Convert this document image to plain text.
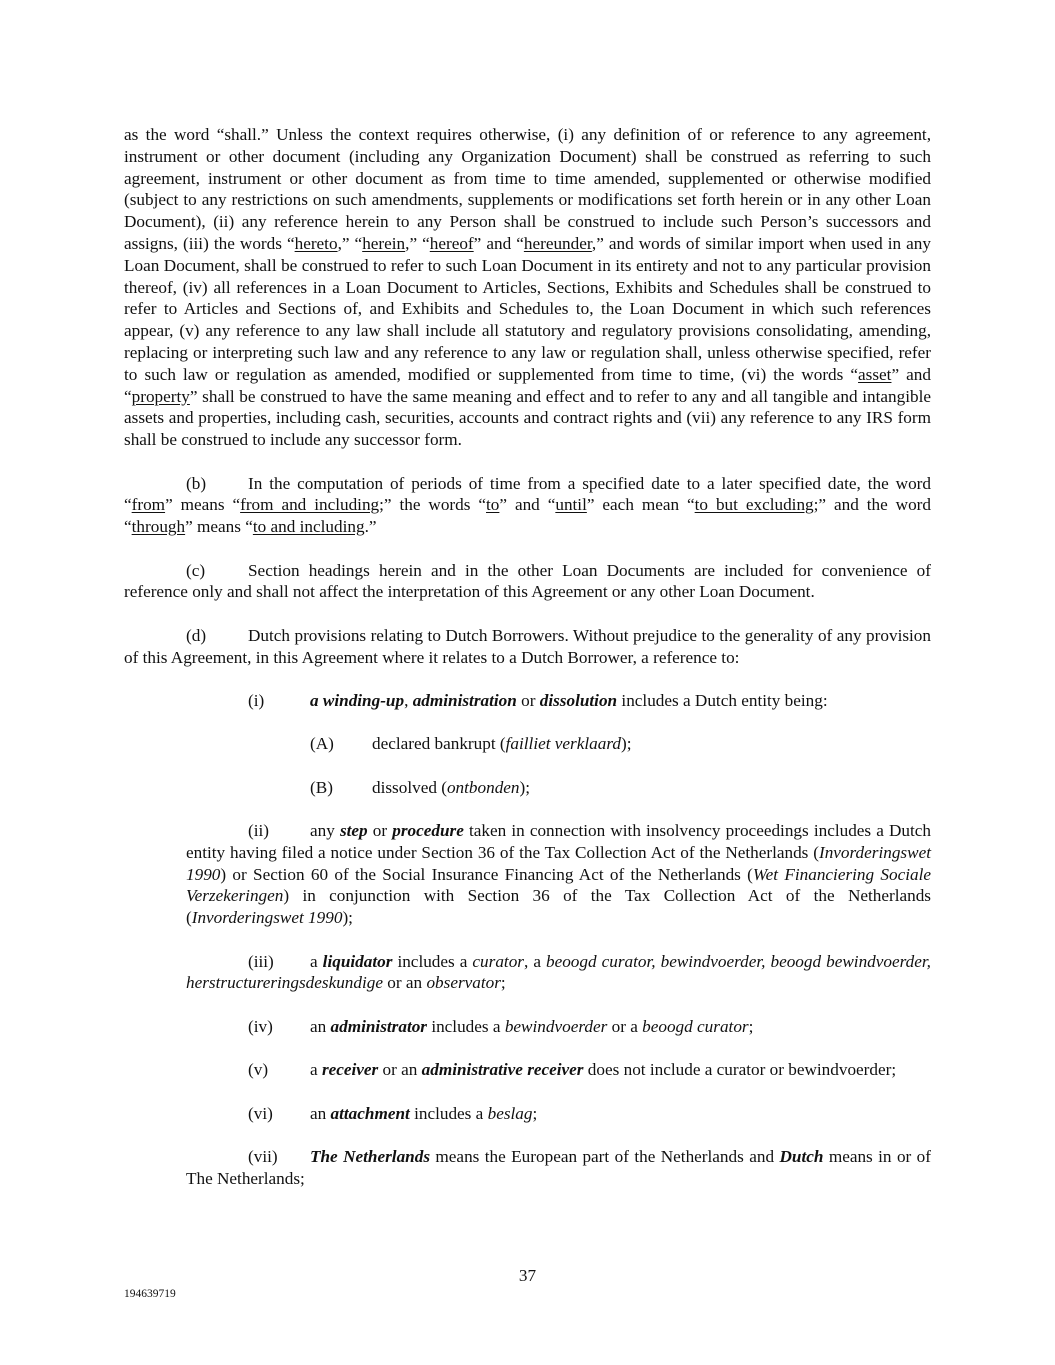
as the word “shall.” Unless the context requires otherwise, (i) any definition of or reference to any agreement, instrument or other document (including any Organization Document) shall be construed as referring to such agreement, instrument or other document as from time to time amended, supplemented or otherwise modified (subject to any restrictions on such amendments, supplements or modifications set forth herein or in any other Loan Document), (ii) any reference herein to any Person shall be construed to include such Person’s successors and assigns, (iii) the words “hereto,” “herein,” “hereof” and “hereunder,” and words of similar import when used in any Loan Document, shall be construed to refer to such Loan Document in its entirety and not to any particular provision thereof, (iv) all references in a Loan Document to Articles, Sections, Exhibits and Schedules shall be construed to refer to Articles and Sections of, and Exhibits and Schedules to, the Loan Document in which such references appear, (v) any reference to any law shall include all statutory and regulatory provisions consolidating, amending, replacing or interpreting such law and any reference to any law or regulation shall, unless otherwise specified, refer to such law or regulation as amended, modified or supplemented from time to time, (vi) the words “asset” and “property” shall be construed to have the same meaning and effect and to refer to any and all tangible and intangible assets and properties, including cash, securities, accounts and contract rights and (vii) any reference to any IRS form shall be construed to include any successor form.

(b) In the computation of periods of time from a specified date to a later specified date, the word “from” means “from and including;” the words “to” and “until” each mean “to but excluding;” and the word “through” means “to and including.”

(c) Section headings herein and in the other Loan Documents are included for convenience of reference only and shall not affect the interpretation of this Agreement or any other Loan Document.

(d) Dutch provisions relating to Dutch Borrowers. Without prejudice to the generality of any provision of this Agreement, in this Agreement where it relates to a Dutch Borrower, a reference to:

(i)	a winding-up, administration or dissolution includes a Dutch entity being:

(A) declared bankrupt (failliet verklaard);

(B) dissolved (ontbonden);

(ii) any step or procedure taken in connection with insolvency proceedings includes a Dutch entity having filed a notice under Section 36 of the Tax Collection Act of the Netherlands (Invorderingswet 1990) or Section 60 of the Social Insurance Financing Act of the Netherlands (Wet Financiering Sociale Verzekeringen) in conjunction with Section 36 of the Tax Collection Act of the Netherlands (Invorderingswet 1990);

(iii) a liquidator includes a curator, a beoogd curator, bewindvoerder, beoogd bewindvoerder, herstructureringsdeskundige or an observator;

(iv) an administrator includes a bewindvoerder or a beoogd curator;

(v) a receiver or an administrative receiver does not include a curator or bewindvoerder;

(vi) an attachment includes a beslag;

(vii) The Netherlands means the European part of the Netherlands and Dutch means in or of The Netherlands;

37
194639719
